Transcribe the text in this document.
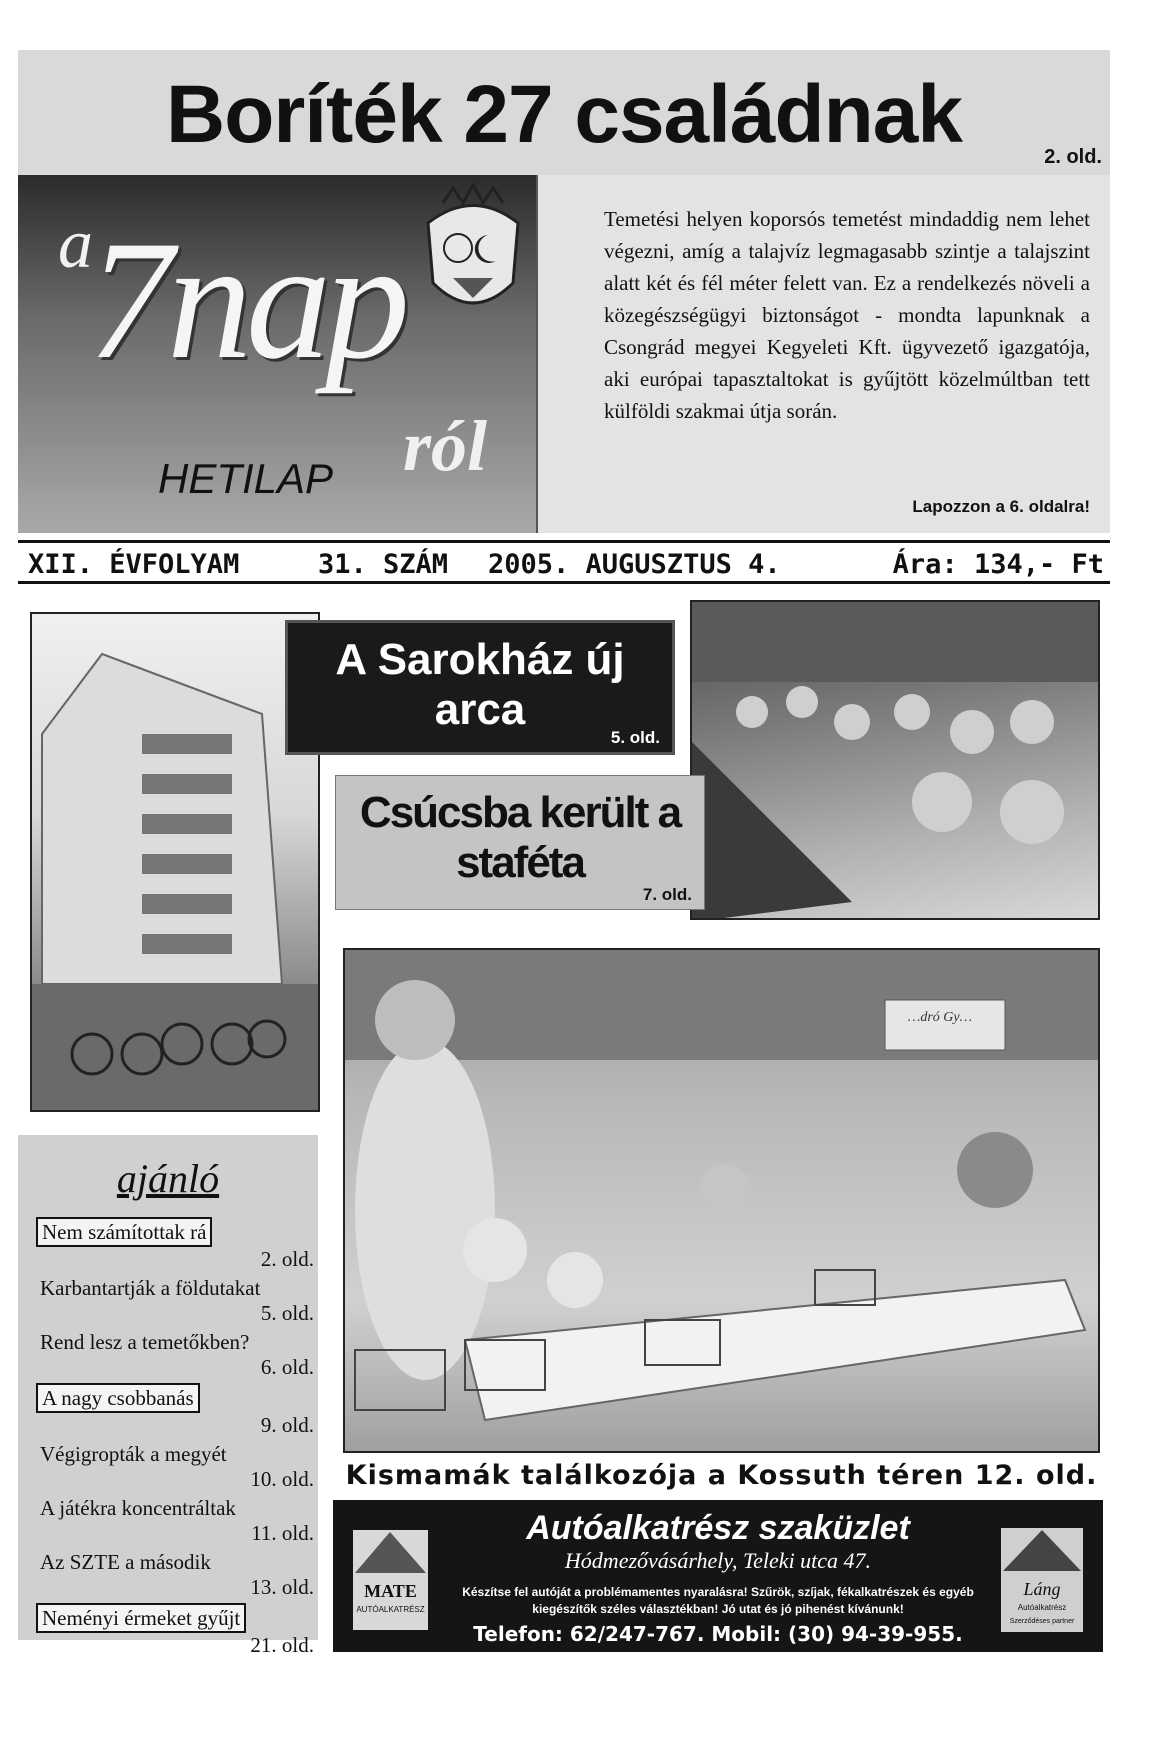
Boríték 27 családnak	2. old.
a
7nap
ról
HETILAP
Temetési helyen koporsós temetést mindaddig nem lehet végezni, amíg a talajvíz legmagasabb szintje a talajszint alatt két és fél méter felett van. Ez a rendelkezés növeli a közegészségügyi biztonságot - mondta lapunknak a Csongrád megyei Kegyeleti Kft. ügyvezető igazgatója, aki európai tapasztaltokat is gyűjtött közelmúltban tett külföldi szakmai útja során.
Lapozzon a 6. oldalra!
XII. ÉVFOLYAM	31. SZÁM 2005. AUGUSZTUS 4.	Ára: 134,- Ft
A Sarokház új arca
5. old.
Csúcsba került a staféta
7. old.
Kismamák találkozója a Kossuth téren 12. old.
ajánló
Nem számítottak rá
2. old.
Karbantartják a földutakat
5. old.
Rend lesz a temetőkben?
6. old.
A nagy csobbanás
9. old.
Végigropták a megyét
10. old.
A játékra koncentráltak
11. old.
Az SZTE a második
13. old.
Neményi érmeket gyűjt
21. old.
MATE
AUTÓALKATRÉSZ
Autóalkatrész szaküzlet
Hódmezővásárhely, Teleki utca 47.
Készítse fel autóját a problémamentes nyaralásra! Szűrök, szíjak, fékalkatrészek és egyéb kiegészítők széles választékban! Jó utat és jó pihenést kívánunk!
Telefon: 62/247-767. Mobil: (30) 94-39-955.
Láng
Autóalkatrész
Szerződéses partner
…dró Gy…
